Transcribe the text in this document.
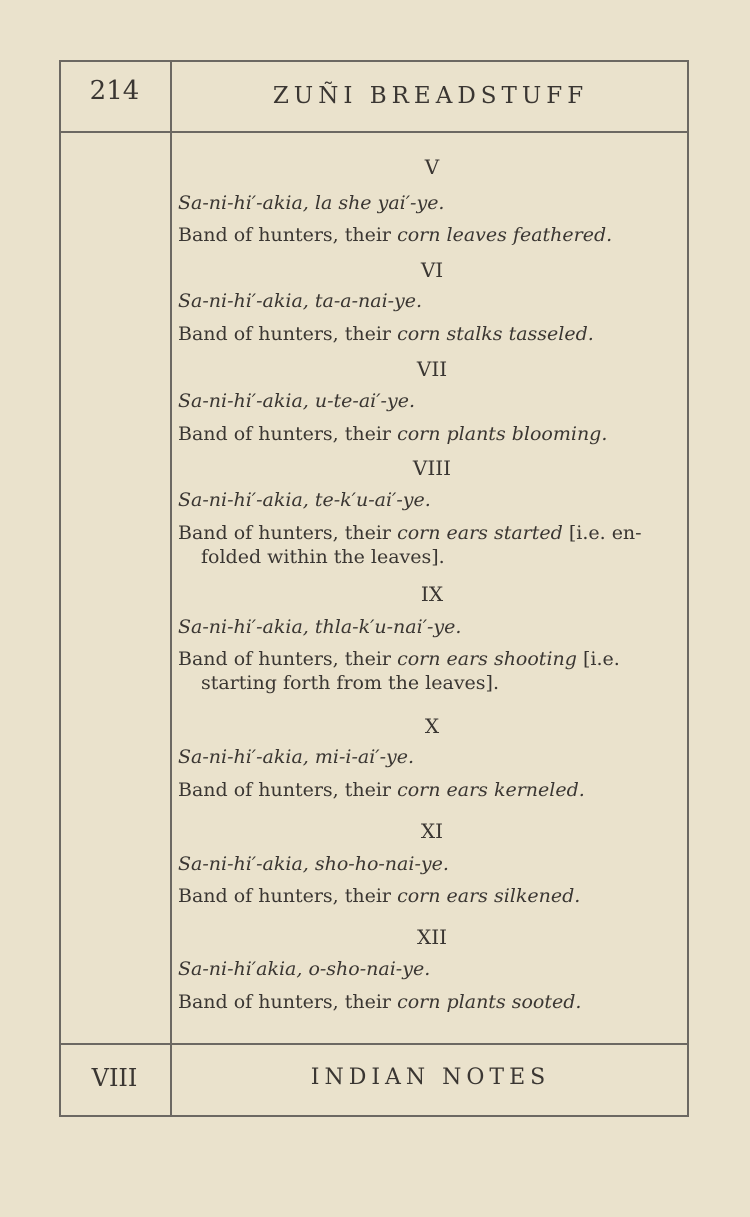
214	ZUÑI BREADSTUFF
V
Sa-ni-hi′-akia, la she yai′-ye.
Band of hunters, their corn leaves feathered.
VI
Sa-ni-hi′-akia, ta-a-nai-ye.
Band of hunters, their corn stalks tasseled.
VII
Sa-ni-hi′-akia, u-te-ai′-ye.
Band of hunters, their corn plants blooming.
VIII
Sa-ni-hi′-akia, te-k′u-ai′-ye.
Band of hunters, their corn ears started [i.e. en-
folded within the leaves].
IX
Sa-ni-hi′-akia, thla-k′u-nai′-ye.
Band of hunters, their corn ears shooting [i.e.
starting forth from the leaves].
X
Sa-ni-hi′-akia, mi-i-ai′-ye.
Band of hunters, their corn ears kerneled.
XI
Sa-ni-hi′-akia, sho-ho-nai-ye.
Band of hunters, their corn ears silkened.
XII
Sa-ni-hi′akia, o-sho-nai-ye.
Band of hunters, their corn plants sooted.
VIII	INDIAN NOTES
